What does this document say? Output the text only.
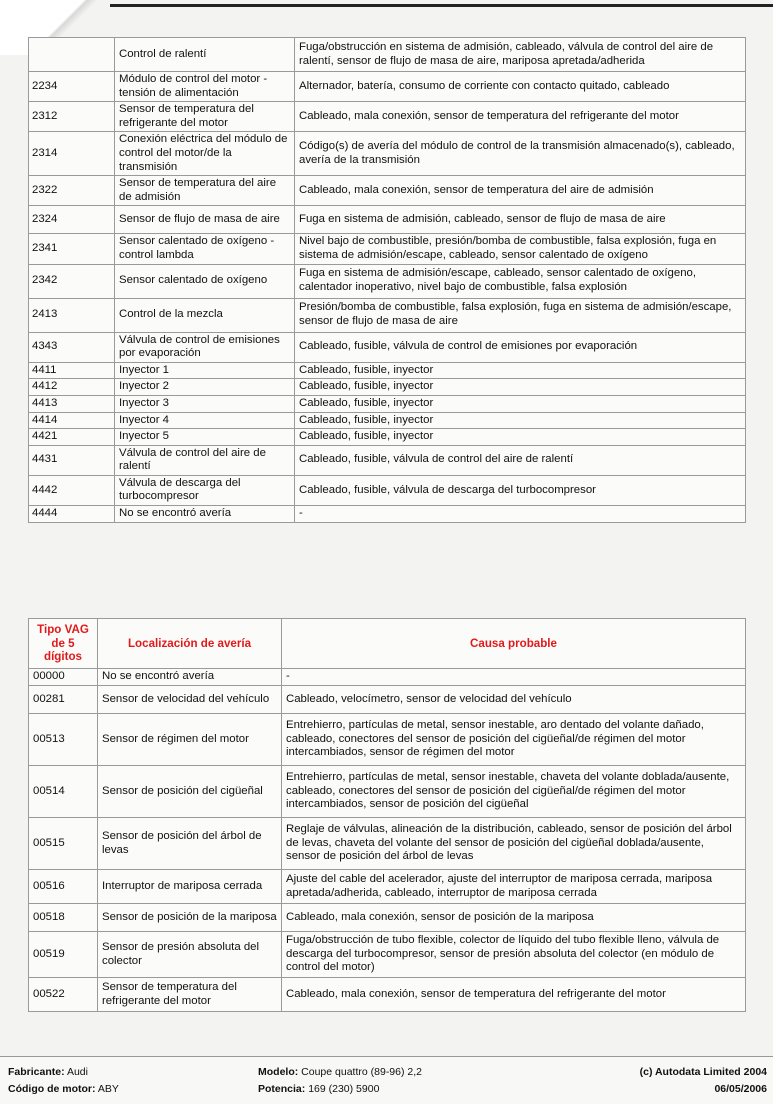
	Control de ralentí	Fuga/obstrucción en sistema de admisión, cableado, válvula de control del aire de ralentí, sensor de flujo de masa de aire, mariposa apretada/adherida
2234	Módulo de control del motor - tensión de alimentación	Alternador, batería, consumo de corriente con contacto quitado, cableado
2312	Sensor de temperatura del refrigerante del motor	Cableado, mala conexión, sensor de temperatura del refrigerante del motor
2314	Conexión eléctrica del módulo de control del motor/de la transmisión	Código(s) de avería del módulo de control de la transmisión almacenado(s), cableado, avería de la transmisión
2322	Sensor de temperatura del aire de admisión	Cableado, mala conexión, sensor de temperatura del aire de admisión
2324	Sensor de flujo de masa de aire	Fuga en sistema de admisión, cableado, sensor de flujo de masa de aire
2341	Sensor calentado de oxígeno - control lambda	Nivel bajo de combustible, presión/bomba de combustible, falsa explosión, fuga en sistema de admisión/escape, cableado, sensor calentado de oxígeno
2342	Sensor calentado de oxígeno	Fuga en sistema de admisión/escape, cableado, sensor calentado de oxígeno, calentador inoperativo, nivel bajo de combustible, falsa explosión
2413	Control de la mezcla	Presión/bomba de combustible, falsa explosión, fuga en sistema de admisión/escape, sensor de flujo de masa de aire
4343	Válvula de control de emisiones por evaporación	Cableado, fusible, válvula de control de emisiones por evaporación
4411	Inyector 1	Cableado, fusible, inyector
4412	Inyector 2	Cableado, fusible, inyector
4413	Inyector 3	Cableado, fusible, inyector
4414	Inyector 4	Cableado, fusible, inyector
4421	Inyector 5	Cableado, fusible, inyector
4431	Válvula de control del aire de ralentí	Cableado, fusible, válvula de control del aire de ralentí
4442	Válvula de descarga del turbocompresor	Cableado, fusible, válvula de descarga del turbocompresor
4444	No se encontró avería	-
Tipo VAG de 5 dígitos	Localización de avería	Causa probable
00000	No se encontró avería	-
00281	Sensor de velocidad del vehículo	Cableado, velocímetro, sensor de velocidad del vehículo
00513	Sensor de régimen del motor	Entrehierro, partículas de metal, sensor inestable, aro dentado del volante dañado, cableado, conectores del sensor de posición del cigüeñal/de régimen del motor intercambiados, sensor de régimen del motor
00514	Sensor de posición del cigüeñal	Entrehierro, partículas de metal, sensor inestable, chaveta del volante doblada/ausente, cableado, conectores del sensor de posición del cigüeñal/de régimen del motor intercambiados, sensor de posición del cigüeñal
00515	Sensor de posición del árbol de levas	Reglaje de válvulas, alineación de la distribución, cableado, sensor de posición del árbol de levas, chaveta del volante del sensor de posición del cigüeñal doblada/ausente, sensor de posición del árbol de levas
00516	Interruptor de mariposa cerrada	Ajuste del cable del acelerador, ajuste del interruptor de mariposa cerrada, mariposa apretada/adherida, cableado, interruptor de mariposa cerrada
00518	Sensor de posición de la mariposa	Cableado, mala conexión, sensor de posición de la mariposa
00519	Sensor de presión absoluta del colector	Fuga/obstrucción de tubo flexible, colector de líquido del tubo flexible lleno, válvula de descarga del turbocompresor, sensor de presión absoluta del colector (en módulo de control del motor)
00522	Sensor de temperatura del refrigerante del motor	Cableado, mala conexión, sensor de temperatura del refrigerante del motor
Fabricante: Audi
Código de motor: ABY
Modelo: Coupe quattro (89-96) 2,2
Potencia: 169 (230) 5900
(c) Autodata Limited 2004
06/05/2006
